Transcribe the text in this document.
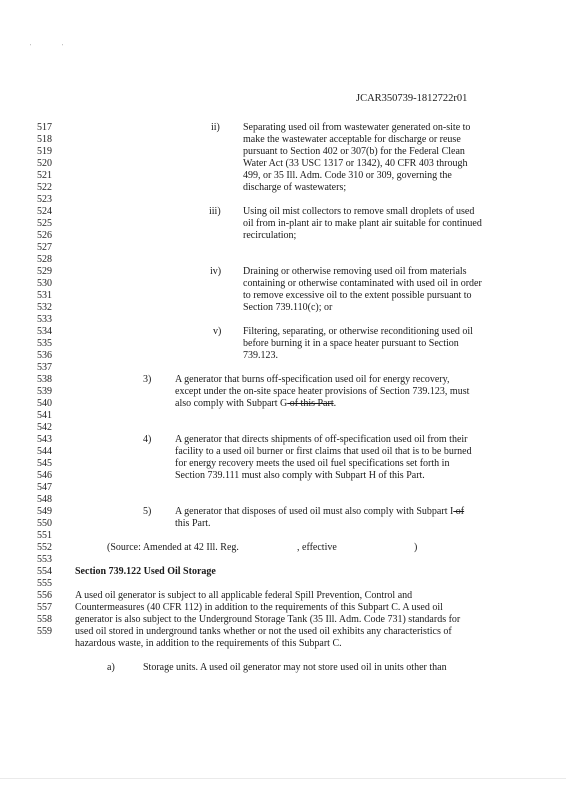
'	'
JCAR350739-1812722r01
517
518
519
520
521
522
523
524
525
526
527
528
529
530
531
532
533
534
535
536
537
538
539
540
541
542
543
544
545
546
547
548
549
550
551
552
553
554
555
556
557
558
559
ii) Separating used oil from wastewater generated on-site to
make the wastewater acceptable for discharge or reuse
pursuant to Section 402 or 307(b) for the Federal Clean
Water Act (33 USC 1317 or 1342), 40 CFR 403 through
499, or 35 Ill. Adm. Code 310 or 309, governing the
discharge of wastewaters;
iii) Using oil mist collectors to remove small droplets of used
oil from in-plant air to make plant air suitable for continued
recirculation;
iv) Draining or otherwise removing used oil from materials
containing or otherwise contaminated with used oil in order
to remove excessive oil to the extent possible pursuant to
Section 739.110(c); or
v) Filtering, separating, or otherwise reconditioning used oil
before burning it in a space heater pursuant to Section
739.123.
3) A generator that burns off-specification used oil for energy recovery,
except under the on-site space heater provisions of Section 739.123, must
also comply with Subpart G of this Part.
4) A generator that directs shipments of off-specification used oil from their
facility to a used oil burner or first claims that used oil that is to be burned
for energy recovery meets the used oil fuel specifications set forth in
Section 739.111 must also comply with Subpart H of this Part.
5) A generator that disposes of used oil must also comply with Subpart I of
this Part.
(Source: Amended at 42 Ill. Reg.	, effective	)
Section 739.122 Used Oil Storage
A used oil generator is subject to all applicable federal Spill Prevention, Control and
Countermeasures (40 CFR 112) in addition to the requirements of this Subpart C. A used oil
generator is also subject to the Underground Storage Tank (35 Ill. Adm. Code 731) standards for
used oil stored in underground tanks whether or not the used oil exhibits any characteristics of
hazardous waste, in addition to the requirements of this Subpart C.
a)	Storage units. A used oil generator may not store used oil in units other than
